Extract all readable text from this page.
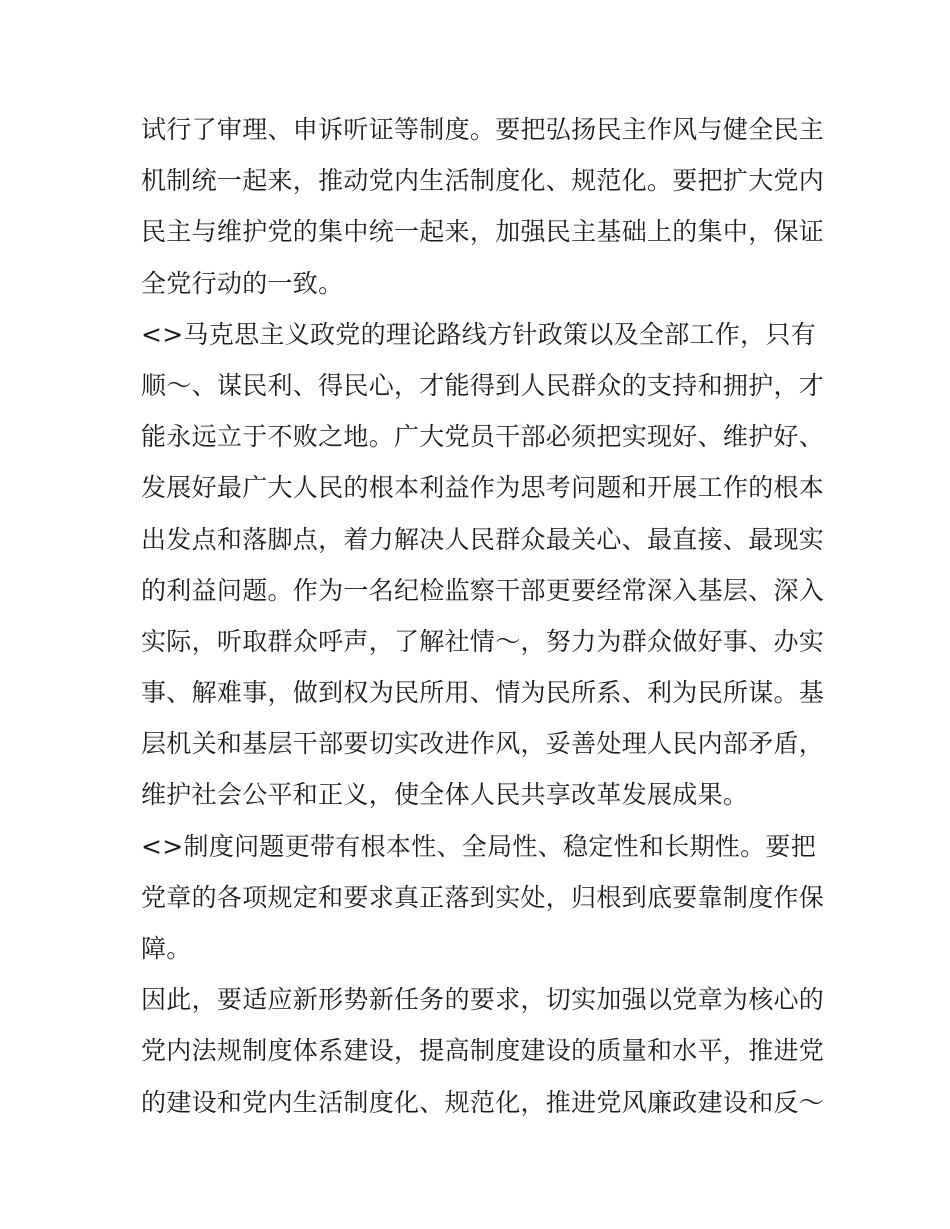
试行了审理、申诉听证等制度。要把弘扬民主作风与健全民主
机制统一起来，推动党内生活制度化、规范化。要把扩大党内
民主与维护党的集中统一起来，加强民主基础上的集中，保证
全党行动的一致。
<>马克思主义政党的理论路线方针政策以及全部工作，只有
顺～、谋民利、得民心，才能得到人民群众的支持和拥护，才
能永远立于不败之地。广大党员干部必须把实现好、维护好、
发展好最广大人民的根本利益作为思考问题和开展工作的根本
出发点和落脚点，着力解决人民群众最关心、最直接、最现实
的利益问题。作为一名纪检监察干部更要经常深入基层、深入
实际，听取群众呼声，了解社情～，努力为群众做好事、办实
事、解难事，做到权为民所用、情为民所系、利为民所谋。基
层机关和基层干部要切实改进作风，妥善处理人民内部矛盾，
维护社会公平和正义，使全体人民共享改革发展成果。
<>制度问题更带有根本性、全局性、稳定性和长期性。要把
党章的各项规定和要求真正落到实处，归根到底要靠制度作保
障。
因此，要适应新形势新任务的要求，切实加强以党章为核心的
党内法规制度体系建设，提高制度建设的质量和水平，推进党
的建设和党内生活制度化、规范化，推进党风廉政建设和反～
